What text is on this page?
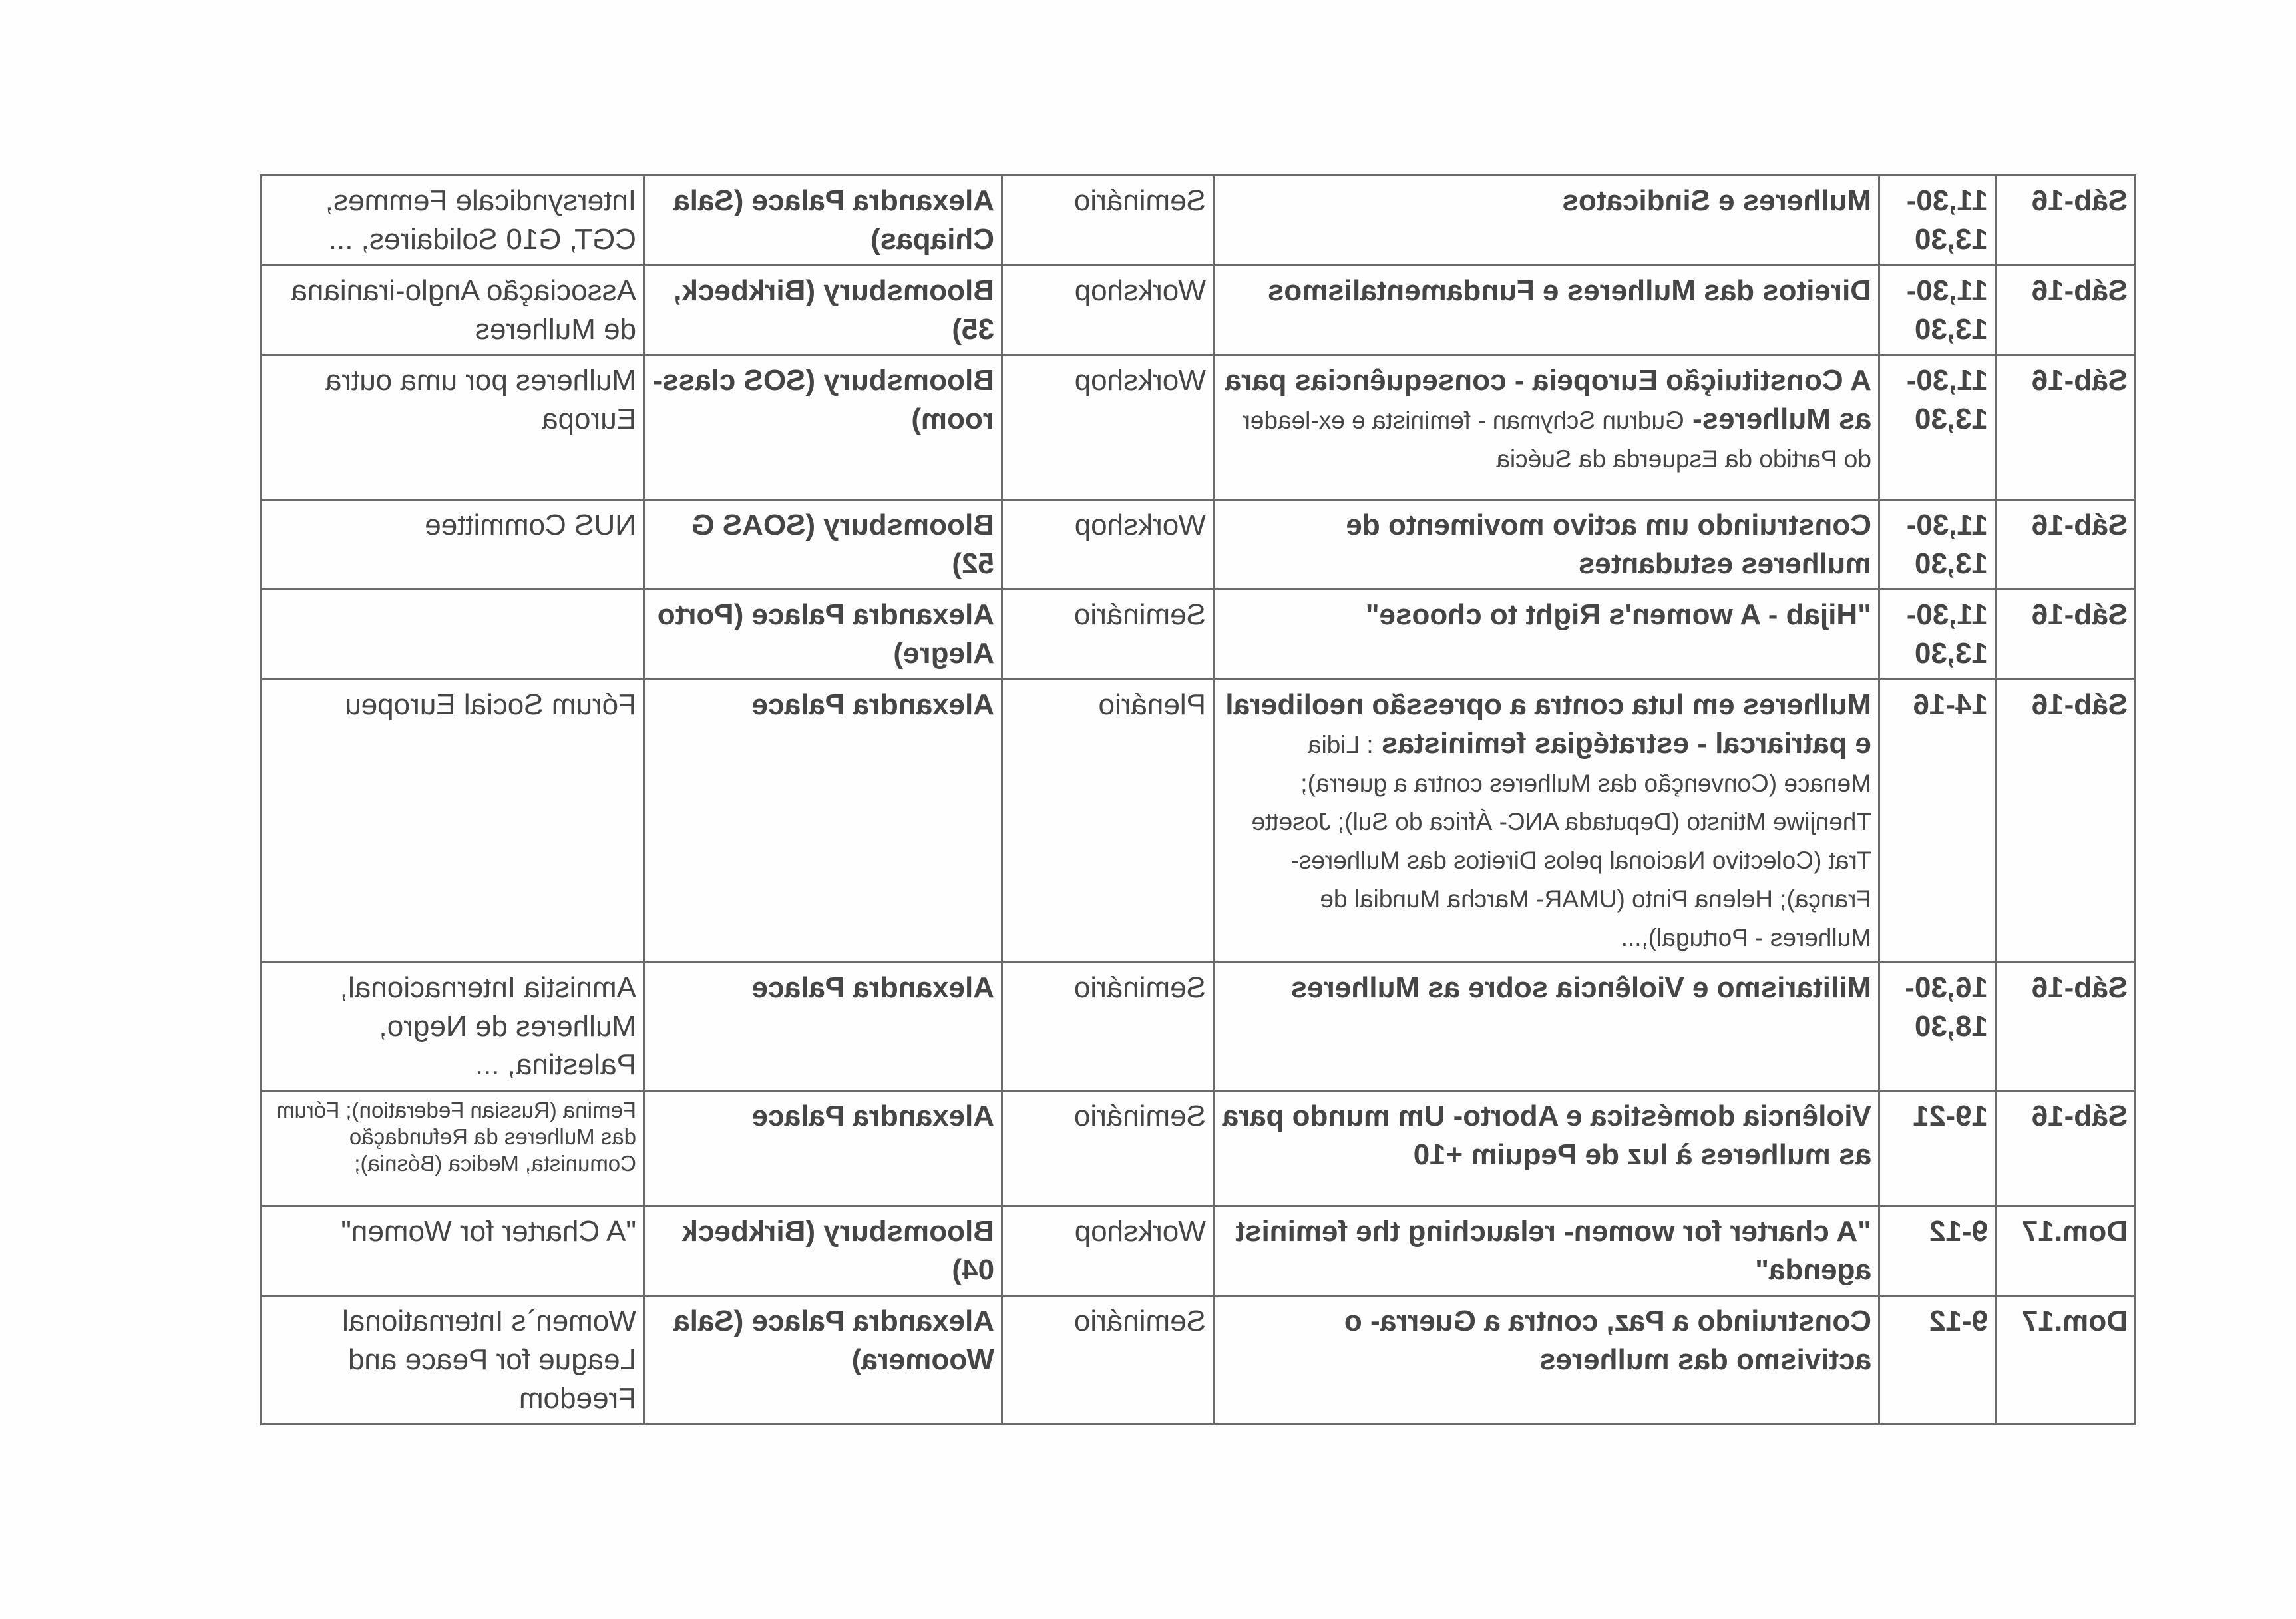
Sáb-16	11,30-13,30	Mulheres e Sindicatos	Seminário	Alexandra Palace (Sala Chiapas)	Intersyndicale Femmes, CGT, G10 Solidaires, ...
Sáb-16	11,30-13,30	Direitos das Mulheres e Fundamentalismos	Workshop	Bloomsbury (Birkbeck, 35)	Associação Anglo-iraniana de Mulheres
Sáb-16	11,30-13,30	A Constituição Europeia - consequências para as Mulheres- Gudrun Schyman - feminista e ex-leader do Partido da Esquerda da Suécia	Workshop	Bloomsbury (SOS class-room)	Mulheres por uma outra Europa
Sáb-16	11,30-13,30	Construindo um activo movimento de mulheres estudantes	Workshop	Bloomsbury (SOAS G 52)	NUS Committee
Sáb-16	11,30-13,30	"Hijab - A women's Right to choose"	Seminário	Alexandra Palace (Porto Alegre)	
Sáb-16	14-16	Mulheres em luta contra a opressão neoliberal e patriarcal - estratégias feministas : Lidia Menace (Convenção das Mulheres contra a guerra); Thenjiwe Mtinsto (Deputada ANC- África do Sul); Josette Trat (Colectivo Nacional pelos Direitos das Mulheres- França); Helena Pinto (UMAR- Marcha Mundial de Mulheres - Portugal),...	Plenário	Alexandra Palace	Fórum Social Europeu
Sáb-16	16,30-18,30	Militarismo e Violência sobre as Mulheres	Seminário	Alexandra Palace	Amnistia Internacional, Mulheres de Negro, Palestina, ...
Sáb-16	19-21	Violência doméstica e Aborto- Um mundo para as mulheres à luz de Pequim +10	Seminário	Alexandra Palace	Femina (Russian Federation); Fórum das Mulheres da Refundação Comunista, Medica (Bósnia);
Dom.17	9-12	"A charter for women- relauching the feminist agenda"	Workshop	Bloomsbury (Birkbeck 04)	"A Charter for Women"
Dom.17	9-12	Construindo a Paz, contra a Guerra- o activismo das mulheres	Seminário	Alexandra Palace (Sala Woomera)	Women`s International League for Peace and Freedom
